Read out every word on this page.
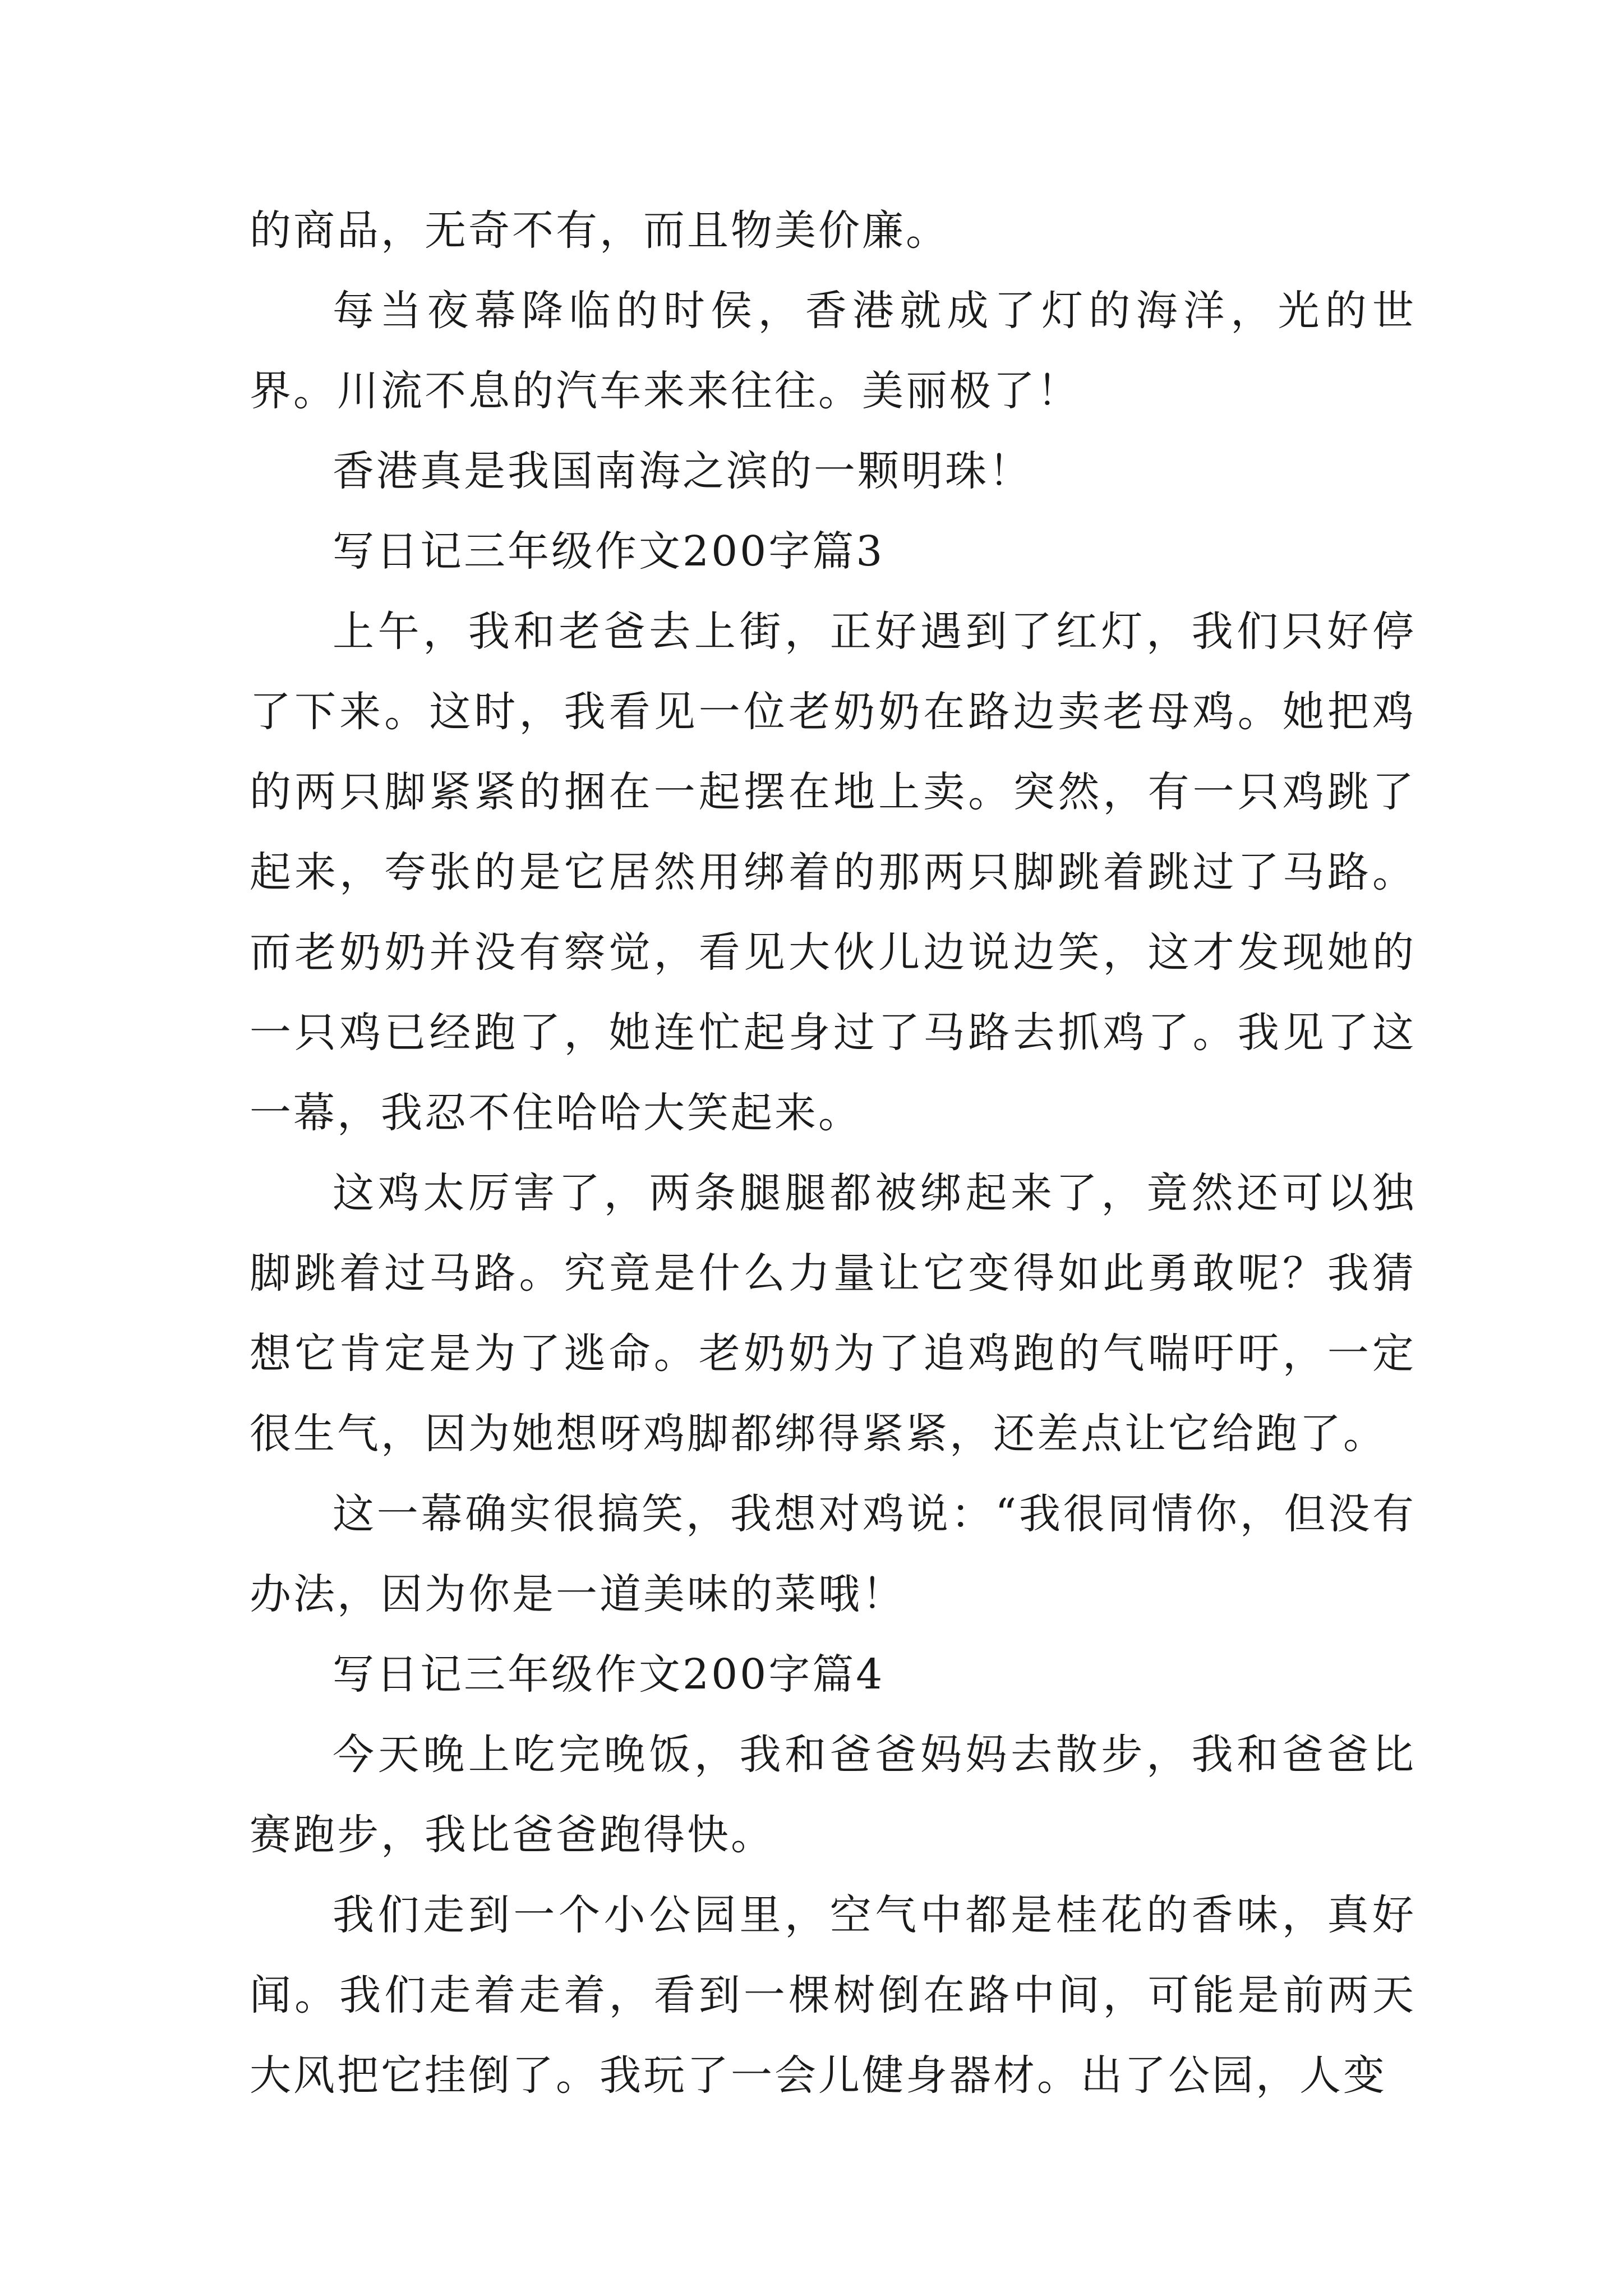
的商品，无奇不有，而且物美价廉。

每当夜幕降临的时侯，香港就成了灯的海洋，光的世界。川流不息的汽车来来往往。美丽极了！

香港真是我国南海之滨的一颗明珠！

写日记三年级作文200字篇3

上午，我和老爸去上街，正好遇到了红灯，我们只好停了下来。这时，我看见一位老奶奶在路边卖老母鸡。她把鸡的两只脚紧紧的捆在一起摆在地上卖。突然，有一只鸡跳了起来，夸张的是它居然用绑着的那两只脚跳着跳过了马路。而老奶奶并没有察觉，看见大伙儿边说边笑，这才发现她的一只鸡已经跑了，她连忙起身过了马路去抓鸡了。我见了这一幕，我忍不住哈哈大笑起来。

这鸡太厉害了，两条腿腿都被绑起来了，竟然还可以独脚跳着过马路。究竟是什么力量让它变得如此勇敢呢？我猜想它肯定是为了逃命。老奶奶为了追鸡跑的气喘吁吁，一定很生气，因为她想呀鸡脚都绑得紧紧，还差点让它给跑了。

这一幕确实很搞笑，我想对鸡说：“我很同情你，但没有办法，因为你是一道美味的菜哦！

写日记三年级作文200字篇4

今天晚上吃完晚饭，我和爸爸妈妈去散步，我和爸爸比赛跑步，我比爸爸跑得快。

我们走到一个小公园里，空气中都是桂花的香味，真好闻。我们走着走着，看到一棵树倒在路中间，可能是前两天大风把它挂倒了。我玩了一会儿健身器材。出了公园，人变
